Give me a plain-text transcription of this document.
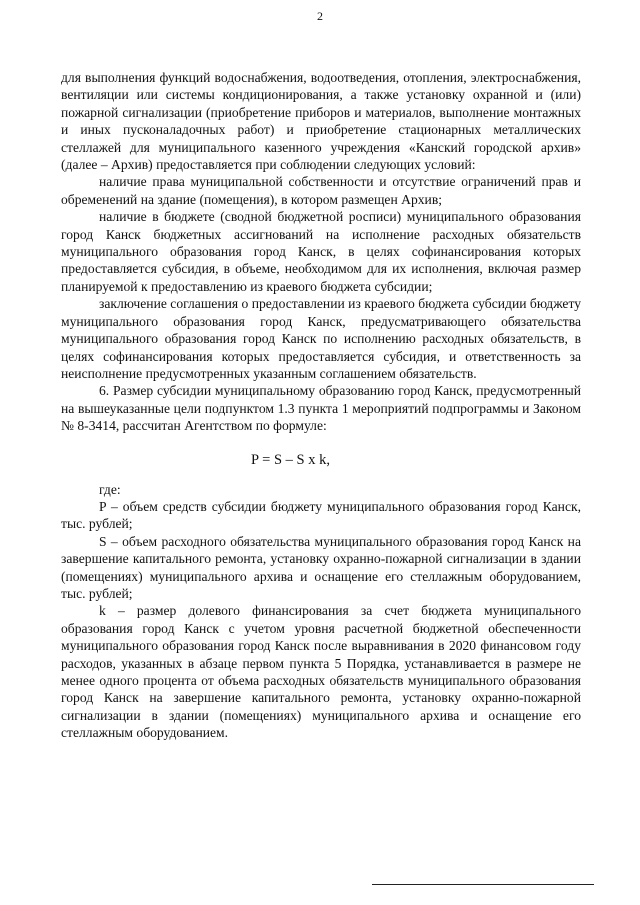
2

для выполнения функций водоснабжения, водоотведения, отопления, электроснабжения, вентиляции или системы кондиционирования, а также установку охранной и (или) пожарной сигнализации (приобретение приборов и материалов, выполнение монтажных и иных пусконаладочных работ) и приобретение стационарных металлических стеллажей для муниципального казенного учреждения «Канский городской архив» (далее – Архив) предоставляется при соблюдении следующих условий:

наличие права муниципальной собственности и отсутствие ограничений прав и обременений на здание (помещения), в котором размещен Архив;

наличие в бюджете (сводной бюджетной росписи) муниципального образования город Канск бюджетных ассигнований на исполнение расходных обязательств муниципального образования город Канск, в целях софинансирования которых предоставляется субсидия, в объеме, необходимом для их исполнения, включая размер планируемой к предоставлению из краевого бюджета субсидии;

заключение соглашения о предоставлении из краевого бюджета субсидии бюджету муниципального образования город Канск, предусматривающего обязательства муниципального образования город Канск по исполнению расходных обязательств, в целях софинансирования которых предоставляется субсидия, и ответственность за неисполнение предусмотренных указанным соглашением обязательств.

6. Размер субсидии муниципальному образованию город Канск, предусмотренный на вышеуказанные цели подпунктом 1.3 пункта 1 мероприятий подпрограммы и Законом № 8-3414, рассчитан Агентством по формуле:

P = S – S x k,

где:

P – объем средств субсидии бюджету муниципального образования город Канск, тыс. рублей;

S – объем расходного обязательства муниципального образования город Канск на завершение капитального ремонта, установку охранно-пожарной сигнализации в здании (помещениях) муниципального архива и оснащение его стеллажным оборудованием, тыс. рублей;

k – размер долевого финансирования за счет бюджета муниципального образования город Канск с учетом уровня расчетной бюджетной обеспеченности муниципального образования город Канск после выравнивания в 2020 финансовом году расходов, указанных в абзаце первом пункта 5 Порядка, устанавливается в размере не менее одного процента от объема расходных обязательств муниципального образования город Канск на завершение капитального ремонта, установку охранно-пожарной сигнализации в здании (помещениях) муниципального архива и оснащение его стеллажным оборудованием.
